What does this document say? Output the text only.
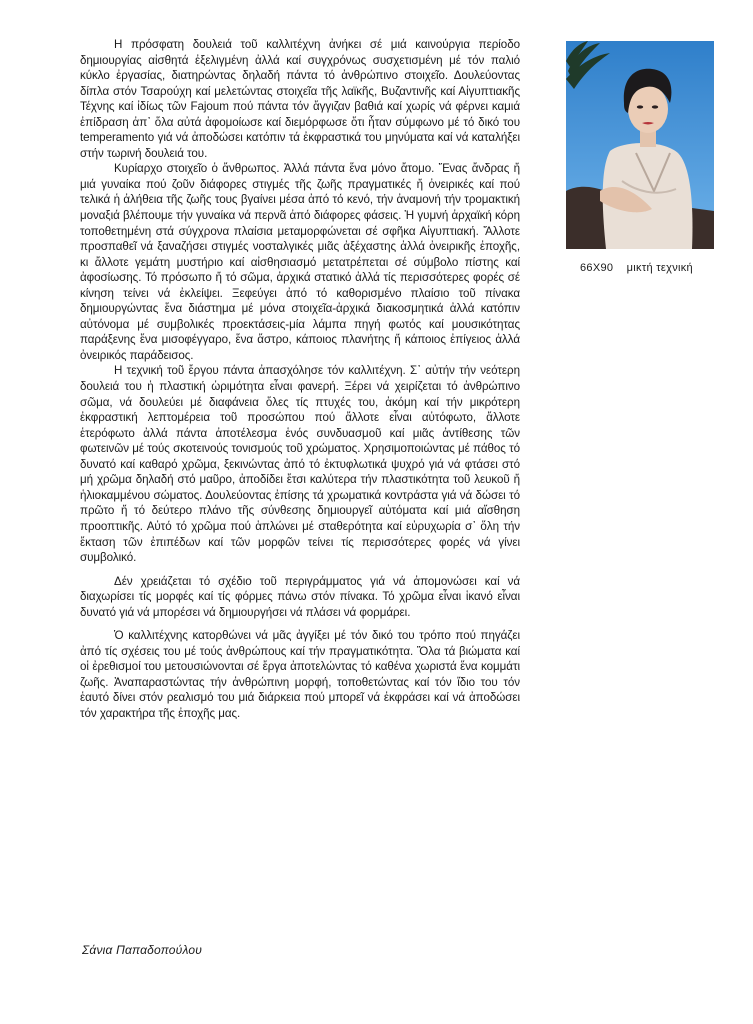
Η πρόσφατη δουλειά τοῦ καλλιτέχνη ἀνήκει σέ μιά καινούργια περίοδο δημιουργίας αἰσθητά ἐξελιγμένη ἀλλά καί συγχρόνως συσχετισμένη μέ τόν παλιό κύκλο ἐργασίας, διατηρώντας δηλαδή πάντα τό ἀνθρώπινο στοιχεῖο. Δουλεύοντας δίπλα στόν Τσαρούχη καί μελετώντας στοιχεῖα τῆς λαϊκῆς, Βυζαντινῆς καί Αἰγυπτιακῆς Τέχνης καί ἰδίως τῶν Fajoum πού πάντα τόν ἄγγιζαν βαθιά καί χωρίς νά φέρνει καμιά ἐπίδραση ἀπ᾽ ὅλα αὐτά ἀφομοίωσε καί διεμόρφωσε ὅτι ἦταν σύμφωνο μέ τό δικό του temperamento γιά νά ἀποδώσει κατόπιν τά ἐκφραστικά του μηνύματα καί νά καταλήξει στήν τωρινή δουλειά του.

Κυρίαρχο στοιχεῖο ὁ ἄνθρωπος. Ἀλλά πάντα ἕνα μόνο ἄτομο. Ἕνας ἄνδρας ἤ μιά γυναίκα πού ζοῦν διάφορες στιγμές τῆς ζωῆς πραγματικές ἤ ὀνειρικές καί πού τελικά ἡ ἀλήθεια τῆς ζωῆς τους βγαίνει μέσα ἀπό τό κενό, τήν ἀναμονή τήν τρομακτική μοναξιά βλέπουμε τήν γυναίκα νά περνᾶ ἀπό διάφορες φάσεις. Ἡ γυμνή ἀρχαϊκή κόρη τοποθετημένη στά σύγχρονα πλαίσια μεταμορφώνεται σέ σφῆκα Αἰγυπτιακή. Ἄλλοτε προσπαθεῖ νά ξαναζήσει στιγμές νοσταλγικές μιᾶς ἀξέχαστης ἀλλά ὀνειρικῆς ἐποχῆς, κι ἄλλοτε γεμάτη μυστήριο καί αἰσθησιασμό μετατρέπεται σέ σύμβολο πίστης καί ἀφοσίωσης. Τό πρόσωπο ἤ τό σῶμα, ἀρχικά στατικό ἀλλά τίς περισσότερες φορές σέ κίνηση τείνει νά ἐκλείψει. Ξεφεύγει ἀπό τό καθορισμένο πλαίσιο τοῦ πίνακα δημιουργώντας ἕνα διάστημα μέ μόνα στοιχεῖα-ἀρχικά διακοσμητικά ἀλλά κατόπιν αὐτόνομα μέ συμβολικές προεκτάσεις-μία λάμπα πηγή φωτός καί μουσικότητας παράξενης ἕνα μισοφέγγαρο, ἕνα ἄστρο, κάποιος πλανήτης ἤ κάποιος ἐπίγειος ἀλλά ὀνειρικός παράδεισος.

Η τεχνική τοῦ ἔργου πάντα ἀπασχόλησε τόν καλλιτέχνη. Σ᾽ αὐτήν τήν νεότερη δουλειά του ἡ πλαστική ὡριμότητα εἶναι φανερή. Ξέρει νά χειρίζεται τό ἀνθρώπινο σῶμα, νά δουλεύει μέ διαφάνεια ὅλες τίς πτυχές του, ἀκόμη καί τήν μικρότερη ἐκφραστική λεπτομέρεια τοῦ προσώπου πού ἄλλοτε εἶναι αὐτόφωτο, ἄλλοτε ἑτερόφωτο ἀλλά πάντα ἀποτέλεσμα ἑνός συνδυασμοῦ καί μιᾶς ἀντίθεσης τῶν φωτεινῶν μέ τούς σκοτεινούς τονισμούς τοῦ χρώματος. Χρησιμοποιώντας μέ πάθος τό δυνατό καί καθαρό χρῶμα, ξεκινώντας ἀπό τό ἐκτυφλωτικά ψυχρό γιά νά φτάσει στό μή χρῶμα δηλαδή στό μαῦρο, ἀποδίδει ἔτσι καλύτερα τήν πλαστικότητα τοῦ λευκοῦ ἤ ἡλιοκαμμένου σώματος. Δουλεύοντας ἐπίσης τά χρωματικά κοντράστα γιά νά δώσει τό πρῶτο ἤ τό δεύτερο πλάνο τῆς σύνθεσης δημιουργεῖ αὐτόματα καί μιά αἴσθηση προοπτικῆς. Αὐτό τό χρῶμα πού ἁπλώνει μέ σταθερότητα καί εὐρυχωρία σ᾽ ὅλη τήν ἔκταση τῶν ἐπιπέδων καί τῶν μορφῶν τείνει τίς περισσότερες φορές νά γίνει συμβολικό.

Δέν χρειάζεται τό σχέδιο τοῦ περιγράμματος γιά νά ἀπομονώσει καί νά διαχωρίσει τίς μορφές καί τίς φόρμες πάνω στόν πίνακα. Τό χρῶμα εἶναι ἱκανό εἶναι δυνατό γιά νά μπορέσει νά δημιουργήσει νά πλάσει νά φορμάρει.

Ὁ καλλιτέχνης κατορθώνει νά μᾶς ἀγγίξει μέ τόν δικό του τρόπο πού πηγάζει ἀπό τίς σχέσεις του μέ τούς ἀνθρώπους καί τήν πραγματικότητα. Ὅλα τά βιώματα καί οἱ ἐρεθισμοί του μετουσιώνονται σέ ἔργα ἀποτελώντας τό καθένα χωριστά ἕνα κομμάτι ζωῆς. Ἀναπαραστώντας τήν ἀνθρώπινη μορφή, τοποθετώντας καί τόν ἴδιο του τόν ἑαυτό δίνει στόν ρεαλισμό του μιά διάρκεια πού μπορεῖ νά ἐκφράσει καί νά ἀποδώσει τόν χαρακτήρα τῆς ἐποχῆς μας.

Σάνια Παπαδοπούλου
66X90 μικτή τεχνική
